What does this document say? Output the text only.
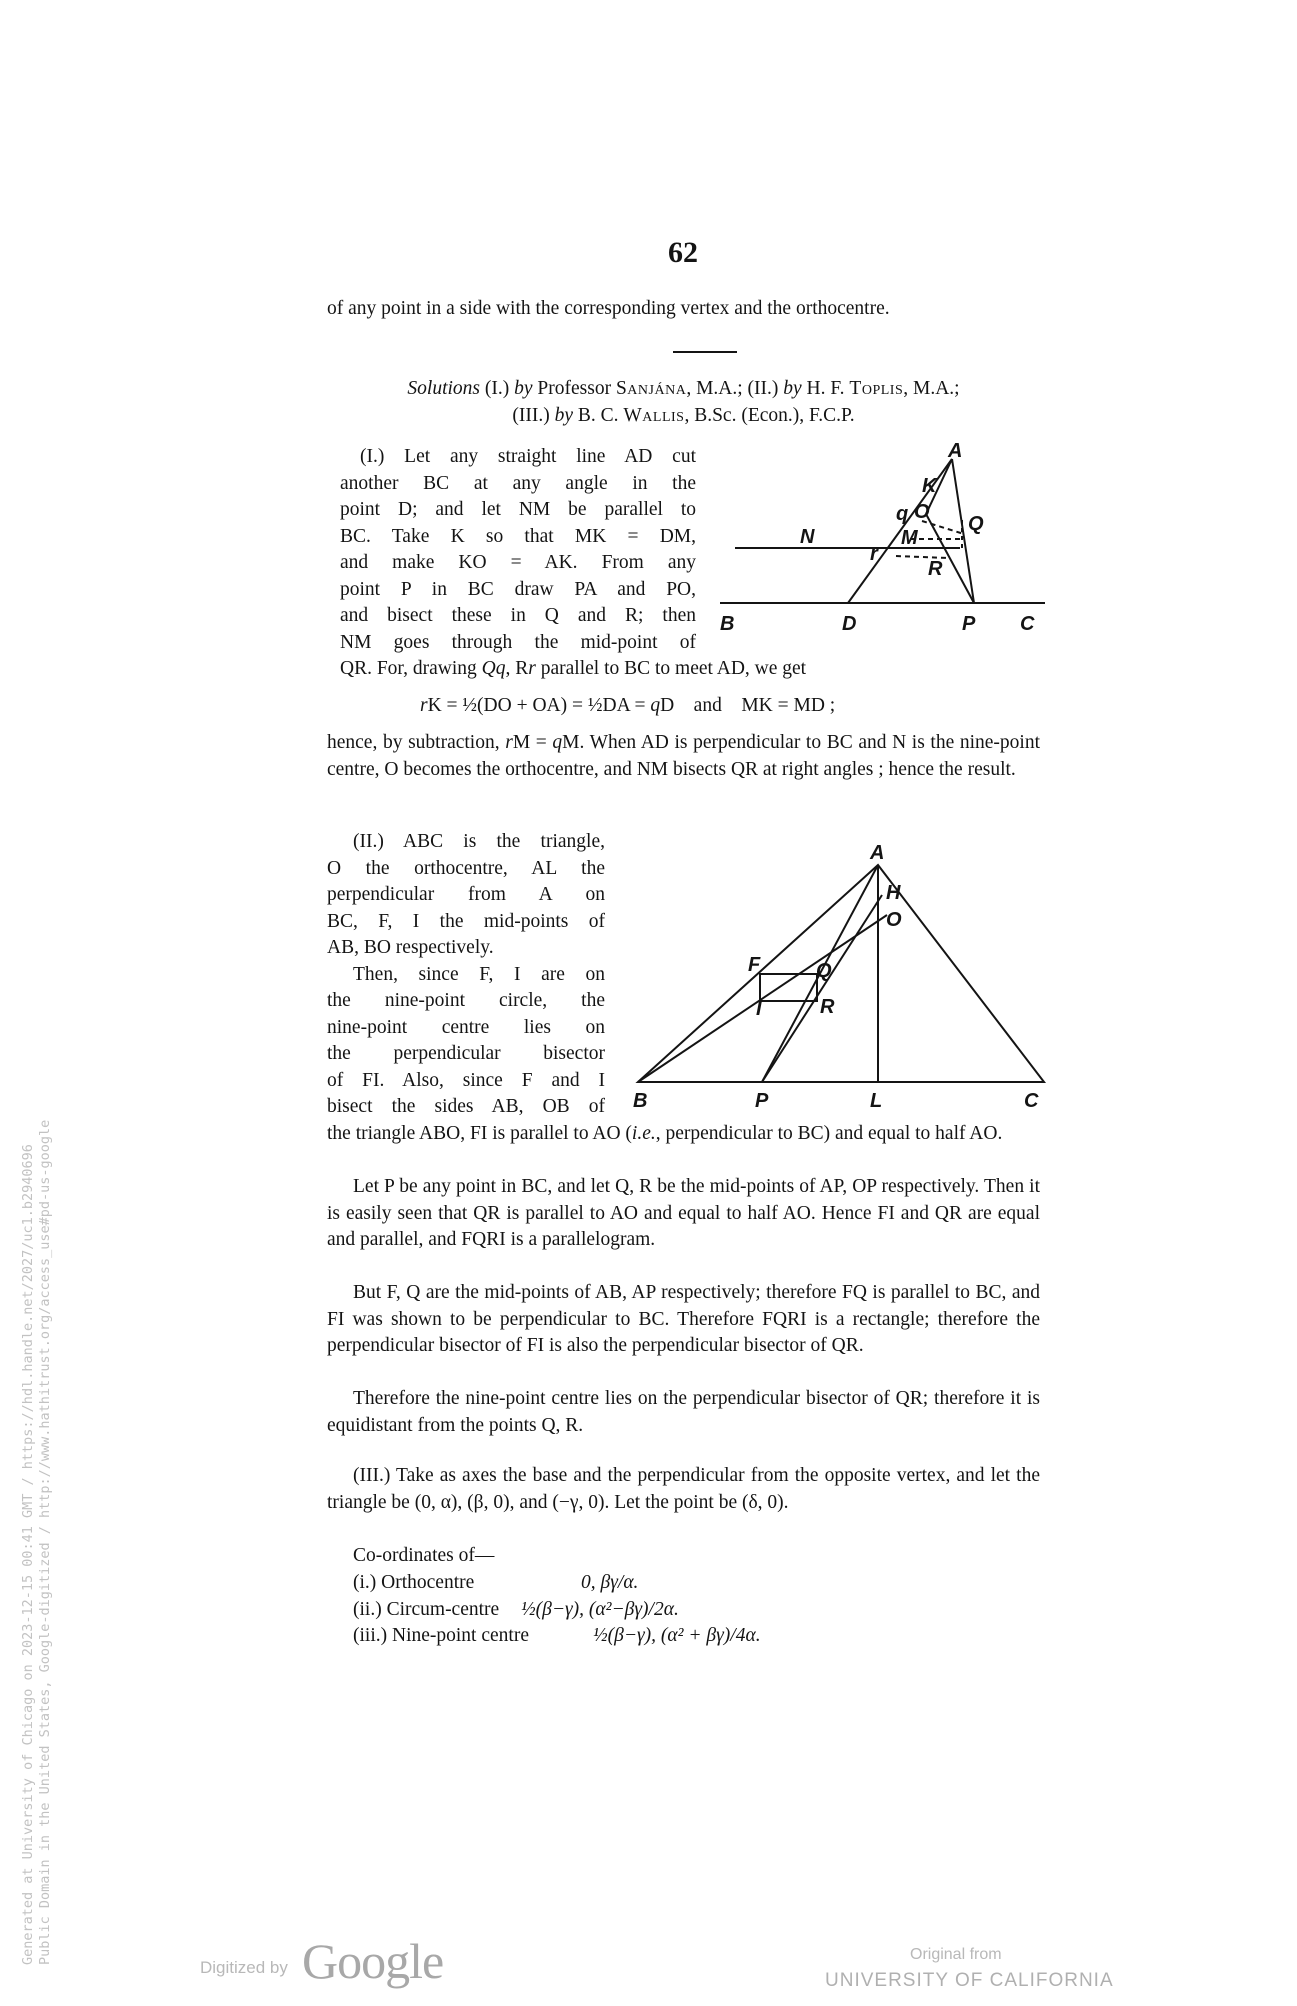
62
of any point in a side with the corresponding vertex and the orthocentre.
Solutions (I.) by Professor Sanjána, M.A.; (II.) by H. F. Toplis, M.A.;
(III.) by B. C. Wallis, B.Sc. (Econ.), F.C.P.
(I.) Let any straight line AD cut
another BC at any angle in the
point D; and let NM be parallel to
BC. Take K so that MK = DM,
and make KO = AK. From any
point P in BC draw PA and PO,
and bisect these in Q and R; then
NM goes through the mid-point of
A
K
q O
Q
N	M
r
R
B	D	P C
QR. For, drawing Qq, Rr parallel to BC to meet AD, we get
rK = ½(DO + OA) = ½DA = qD    and    MK = MD ;
hence, by subtraction, rM = qM. When AD is perpendicular to BC and N is the nine-point centre, O becomes the orthocentre, and NM bisects QR at right angles ; hence the result.
(II.) ABC is the triangle,
O the orthocentre, AL the
perpendicular from A on
BC, F, I the mid-points of
AB, BO respectively.
Then, since F, I are on
the nine-point circle, the
nine-point centre lies on
the perpendicular bisector
of FI. Also, since F and I
bisect the sides AB, OB of
A
H
O
F	Q
I	R
B	P	L	C
the triangle ABO, FI is parallel to AO (i.e., perpendicular to BC) and equal to half AO.
Let P be any point in BC, and let Q, R be the mid-points of AP, OP respectively. Then it is easily seen that QR is parallel to AO and equal to half AO. Hence FI and QR are equal and parallel, and FQRI is a parallelogram.
But F, Q are the mid-points of AB, AP respectively; therefore FQ is parallel to BC, and FI was shown to be perpendicular to BC. Therefore FQRI is a rectangle; therefore the perpendicular bisector of FI is also the perpendicular bisector of QR.
Therefore the nine-point centre lies on the perpendicular bisector of QR; therefore it is equidistant from the points Q, R.
(III.) Take as axes the base and the perpendicular from the opposite vertex, and let the triangle be (0, α), (β, 0), and (−γ, 0). Let the point be (δ, 0).
Co-ordinates of—
(i.) Orthocentre	0, βγ/α.
(ii.) Circum-centre ½(β−γ), (α²−βγ)/2α.
(iii.) Nine-point centre	½(β−γ), (α² + βγ)/4α.
Generated at University of Chicago on 2023-12-15 00:41 GMT / https://hdl.handle.net/2027/uc1.b2940696 Public Domain in the United States, Google-digitized / http://www.hathitrust.org/access_use#pd-us-google
Digitized by Google	Original from
UNIVERSITY OF CALIFORNIA
